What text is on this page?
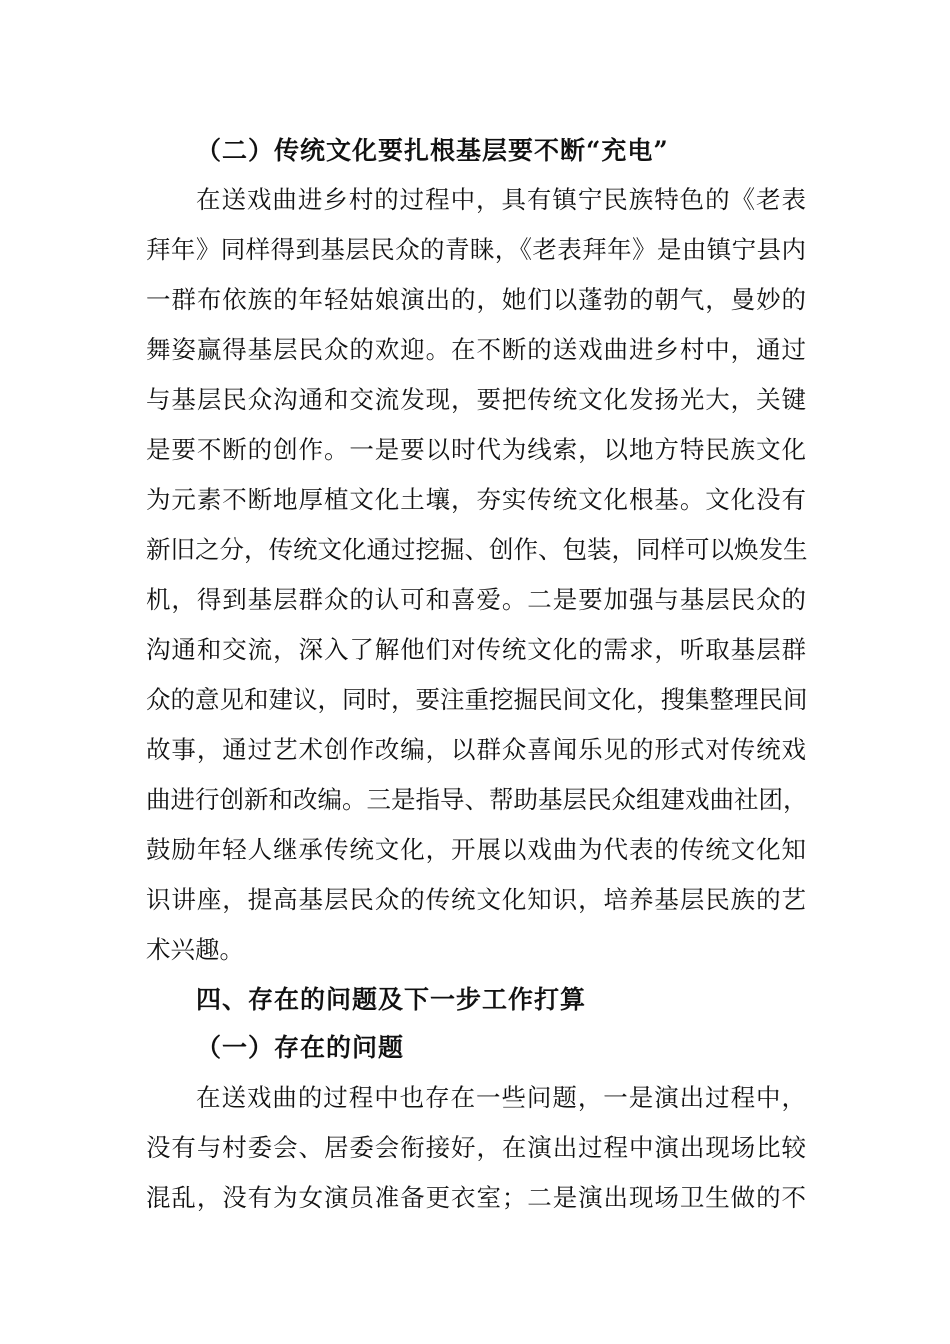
（二）传统文化要扎根基层要不断“充电”
在送戏曲进乡村的过程中，具有镇宁民族特色的《老表
拜年》同样得到基层民众的青睐，《老表拜年》是由镇宁县内
一群布依族的年轻姑娘演出的，她们以蓬勃的朝气，曼妙的
舞姿赢得基层民众的欢迎。在不断的送戏曲进乡村中，通过
与基层民众沟通和交流发现，要把传统文化发扬光大，关键
是要不断的创作。一是要以时代为线索，以地方特民族文化
为元素不断地厚植文化土壤，夯实传统文化根基。文化没有
新旧之分，传统文化通过挖掘、创作、包装，同样可以焕发生
机，得到基层群众的认可和喜爱。二是要加强与基层民众的
沟通和交流，深入了解他们对传统文化的需求，听取基层群
众的意见和建议，同时，要注重挖掘民间文化，搜集整理民间
故事，通过艺术创作改编，以群众喜闻乐见的形式对传统戏
曲进行创新和改编。三是指导、帮助基层民众组建戏曲社团，
鼓励年轻人继承传统文化，开展以戏曲为代表的传统文化知
识讲座，提高基层民众的传统文化知识，培养基层民族的艺
术兴趣。
四、存在的问题及下一步工作打算
（一）存在的问题
在送戏曲的过程中也存在一些问题，一是演出过程中，
没有与村委会、居委会衔接好，在演出过程中演出现场比较
混乱，没有为女演员准备更衣室；二是演出现场卫生做的不
